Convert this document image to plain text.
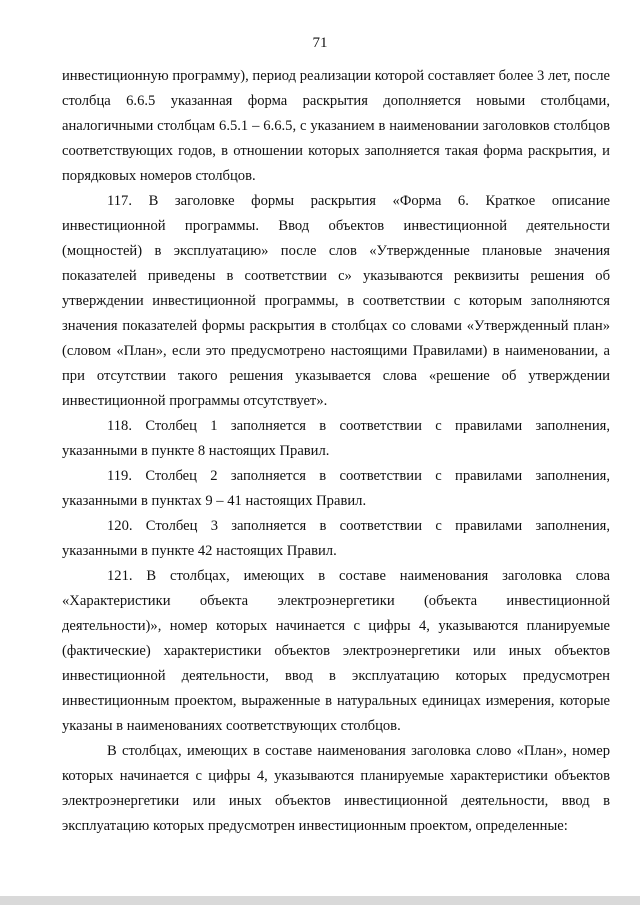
71

инвестиционную программу), период реализации которой составляет более 3 лет, после столбца 6.6.5 указанная форма раскрытия дополняется новыми столбцами, аналогичными столбцам 6.5.1 – 6.6.5, с указанием в наименовании заголовков столбцов соответствующих годов, в отношении которых заполняется такая форма раскрытия, и порядковых номеров столбцов.

117. В заголовке формы раскрытия «Форма 6. Краткое описание инвестиционной программы. Ввод объектов инвестиционной деятельности (мощностей) в эксплуатацию» после слов «Утвержденные плановые значения показателей приведены в соответствии с» указываются реквизиты решения об утверждении инвестиционной программы, в соответствии с которым заполняются значения показателей формы раскрытия в столбцах со словами «Утвержденный план» (словом «План», если это предусмотрено настоящими Правилами) в наименовании, а при отсутствии такого решения указывается слова «решение об утверждении инвестиционной программы отсутствует».

118. Столбец 1 заполняется в соответствии с правилами заполнения, указанными в пункте 8 настоящих Правил.

119. Столбец 2 заполняется в соответствии с правилами заполнения, указанными в пунктах 9 – 41 настоящих Правил.

120. Столбец 3 заполняется в соответствии с правилами заполнения, указанными в пункте 42 настоящих Правил.

121. В столбцах, имеющих в составе наименования заголовка слова «Характеристики объекта электроэнергетики (объекта инвестиционной деятельности)», номер которых начинается с цифры 4, указываются планируемые (фактические) характеристики объектов электроэнергетики или иных объектов инвестиционной деятельности, ввод в эксплуатацию которых предусмотрен инвестиционным проектом, выраженные в натуральных единицах измерения, которые указаны в наименованиях соответствующих столбцов.

В столбцах, имеющих в составе наименования заголовка слово «План», номер которых начинается с цифры 4, указываются планируемые характеристики объектов электроэнергетики или иных объектов инвестиционной деятельности, ввод в эксплуатацию которых предусмотрен инвестиционным проектом, определенные:
